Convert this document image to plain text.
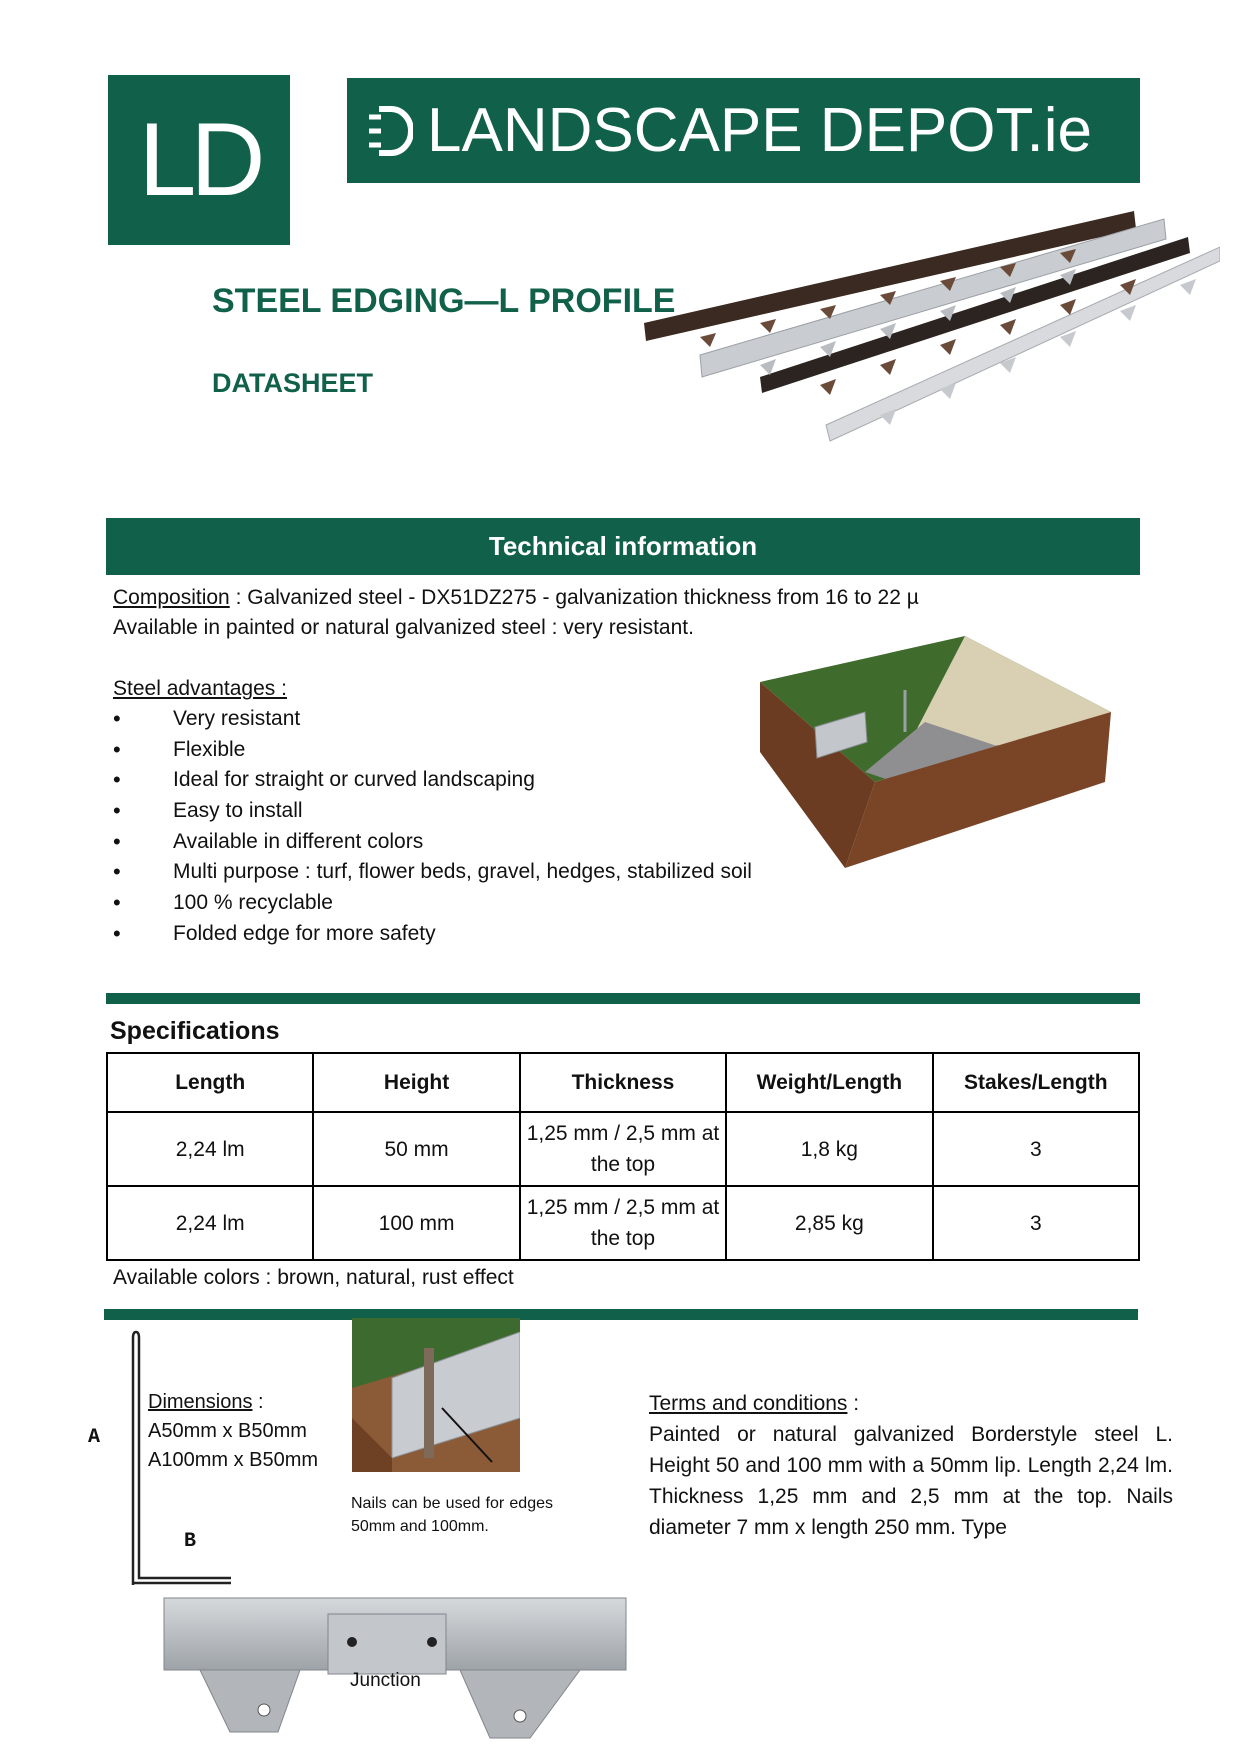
LD	LANDSCAPE DEPOT.ie
STEEL EDGING—L PROFILE
DATASHEET
Technical information
Composition : Galvanized steel - DX51DZ275 - galvanization thickness from 16 to 22 µ
Available in painted or natural galvanized steel : very resistant.
Steel advantages :
• Very resistant
• Flexible
• Ideal for straight or curved landscaping
• Easy to install
• Available in different colors
• Multi purpose : turf, flower beds, gravel, hedges, stabilized soil
• 100 % recyclable
• Folded edge for more safety
Specifications
Length	Height	Thickness	Weight/Length	Stakes/Length
2,24 lm	50 mm	1,25 mm / 2,5 mm at the top	1,8 kg	3
2,24 lm	100 mm	1,25 mm / 2,5 mm at the top	2,85 kg	3
Available colors : brown, natural, rust effect
A
B
Dimensions :
A50mm x B50mm
A100mm x B50mm
Nails can be used for edges 50mm and 100mm.
Terms and conditions :
Painted or natural galvanized Borderstyle steel L. Height 50 and 100 mm with a 50mm lip. Length 2,24 lm. Thickness 1,25 mm and 2,5 mm at the top. Nails diameter 7 mm x length 250 mm. Type
Junction
